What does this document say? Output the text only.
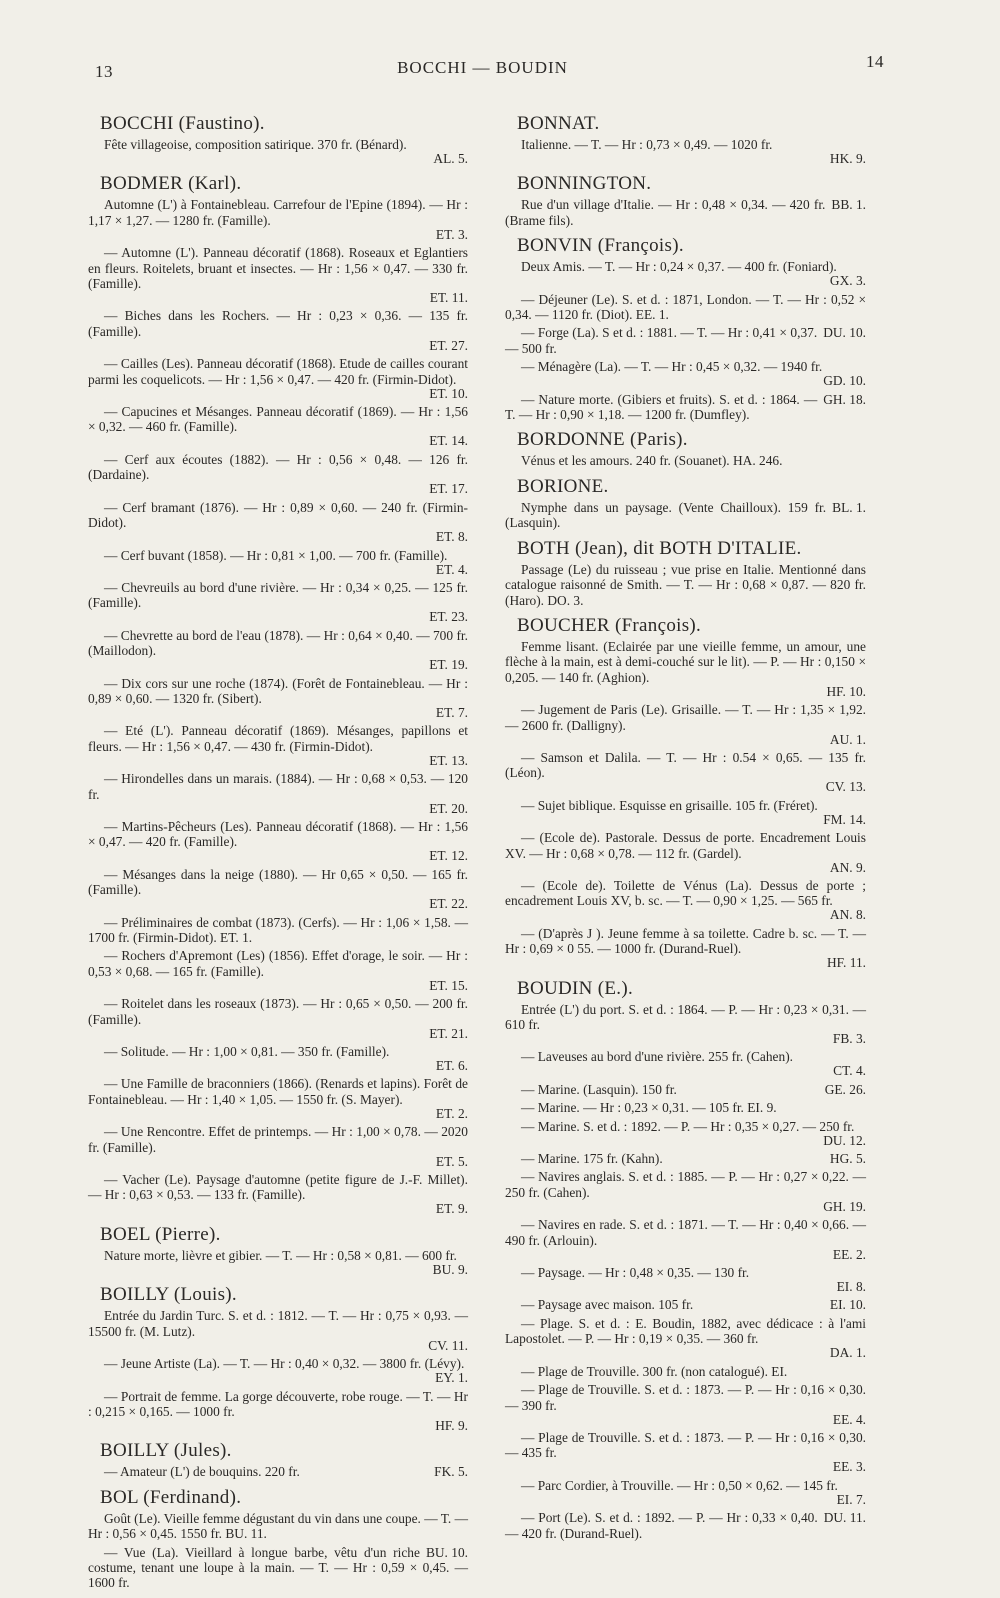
13	BOCCHI — BOUDIN	14
BOCCHI (Faustino).
AL. 5.
Fête villageoise, composition satirique. 370 fr. (Bénard).
BODMER (Karl).
ET. 3.
Automne (L') à Fontainebleau. Carrefour de l'Epine (1894). — Hr : 1,17 × 1,27. — 1280 fr. (Famille).
ET. 11.
— Automne (L'). Panneau décoratif (1868). Roseaux et Eglantiers en fleurs. Roitelets, bruant et insectes. — Hr : 1,56 × 0,47. — 330 fr. (Famille).
ET. 27.
— Biches dans les Rochers. — Hr : 0,23 × 0,36. — 135 fr. (Famille).
ET. 10.
— Cailles (Les). Panneau décoratif (1868). Etude de cailles courant parmi les coquelicots. — Hr : 1,56 × 0,47. — 420 fr. (Firmin-Didot).
ET. 14.
— Capucines et Mésanges. Panneau décoratif (1869). — Hr : 1,56 × 0,32. — 460 fr. (Famille).
ET. 17.
— Cerf aux écoutes (1882). — Hr : 0,56 × 0,48. — 126 fr. (Dardaine).
ET. 8.
— Cerf bramant (1876). — Hr : 0,89 × 0,60. — 240 fr. (Firmin-Didot).
ET. 4.
— Cerf buvant (1858). — Hr : 0,81 × 1,00. — 700 fr. (Famille).
ET. 23.
— Chevreuils au bord d'une rivière. — Hr : 0,34 × 0,25. — 125 fr. (Famille).
ET. 19.
— Chevrette au bord de l'eau (1878). — Hr : 0,64 × 0,40. — 700 fr. (Maillodon).
ET. 7.
— Dix cors sur une roche (1874). (Forêt de Fontainebleau. — Hr : 0,89 × 0,60. — 1320 fr. (Sibert).
ET. 13.
— Eté (L'). Panneau décoratif (1869). Mésanges, papillons et fleurs. — Hr : 1,56 × 0,47. — 430 fr. (Firmin-Didot).
ET. 20.
— Hirondelles dans un marais. (1884). — Hr : 0,68 × 0,53. — 120 fr.
ET. 12.
— Martins-Pêcheurs (Les). Panneau décoratif (1868). — Hr : 1,56 × 0,47. — 420 fr. (Famille).
ET. 22.
— Mésanges dans la neige (1880). — Hr 0,65 × 0,50. — 165 fr. (Famille).
— Préliminaires de combat (1873). (Cerfs). — Hr : 1,06 × 1,58. — 1700 fr. (Firmin-Didot). ET. 1.
ET. 15.
— Rochers d'Apremont (Les) (1856). Effet d'orage, le soir. — Hr : 0,53 × 0,68. — 165 fr. (Famille).
ET. 21.
— Roitelet dans les roseaux (1873). — Hr : 0,65 × 0,50. — 200 fr. (Famille).
ET. 6.
— Solitude. — Hr : 1,00 × 0,81. — 350 fr. (Famille).
ET. 2.
— Une Famille de braconniers (1866). (Renards et lapins). Forêt de Fontainebleau. — Hr : 1,40 × 1,05. — 1550 fr. (S. Mayer).
ET. 5.
— Une Rencontre. Effet de printemps. — Hr : 1,00 × 0,78. — 2020 fr. (Famille).
ET. 9.
— Vacher (Le). Paysage d'automne (petite figure de J.-F. Millet). — Hr : 0,63 × 0,53. — 133 fr. (Famille).
BOEL (Pierre).
BU. 9.
Nature morte, lièvre et gibier. — T. — Hr : 0,58 × 0,81. — 600 fr.
BOILLY (Louis).
CV. 11.
Entrée du Jardin Turc. S. et d. : 1812. — T. — Hr : 0,75 × 0,93. — 15500 fr. (M. Lutz).
EY. 1.
— Jeune Artiste (La). — T. — Hr : 0,40 × 0,32. — 3800 fr. (Lévy).
HF. 9.
— Portrait de femme. La gorge découverte, robe rouge. — T. — Hr : 0,215 × 0,165. — 1000 fr.
BOILLY (Jules).
FK. 5.
— Amateur (L') de bouquins. 220 fr.
BOL (Ferdinand).
Goût (Le). Vieille femme dégustant du vin dans une coupe. — T. — Hr : 0,56 × 0,45. 1550 fr. BU. 11.
BU. 10.
— Vue (La). Vieillard à longue barbe, vêtu d'un riche costume, tenant une loupe à la main. — T. — Hr : 0,59 × 0,45. — 1600 fr.
BONNAT.
HK. 9.
Italienne. — T. — Hr : 0,73 × 0,49. — 1020 fr.
BONNINGTON.
BB. 1.
Rue d'un village d'Italie. — Hr : 0,48 × 0,34. — 420 fr. (Brame fils).
BONVIN (François).
GX. 3.
Deux Amis. — T. — Hr : 0,24 × 0,37. — 400 fr. (Foniard).
— Déjeuner (Le). S. et d. : 1871, London. — T. — Hr : 0,52 × 0,34. — 1120 fr. (Diot). EE. 1.
DU. 10.
— Forge (La). S et d. : 1881. — T. — Hr : 0,41 × 0,37. — 500 fr.
GD. 10.
— Ménagère (La). — T. — Hr : 0,45 × 0,32. — 1940 fr.
GH. 18.
— Nature morte. (Gibiers et fruits). S. et d. : 1864. — T. — Hr : 0,90 × 1,18. — 1200 fr. (Dumfley).
BORDONNE (Paris).
Vénus et les amours. 240 fr. (Souanet). HA. 246.
BORIONE.
BL. 1.
Nymphe dans un paysage. (Vente Chailloux). 159 fr. (Lasquin).
BOTH (Jean), dit BOTH D'ITALIE.
Passage (Le) du ruisseau ; vue prise en Italie. Mentionné dans catalogue raisonné de Smith. — T. — Hr : 0,68 × 0,87. — 820 fr. (Haro). DO. 3.
BOUCHER (François).
HF. 10.
Femme lisant. (Eclairée par une vieille femme, un amour, une flèche à la main, est à demi-couché sur le lit). — P. — Hr : 0,150 × 0,205. — 140 fr. (Aghion).
AU. 1.
— Jugement de Paris (Le). Grisaille. — T. — Hr : 1,35 × 1,92. — 2600 fr. (Dalligny).
CV. 13.
— Samson et Dalila. — T. — Hr : 0.54 × 0,65. — 135 fr. (Léon).
FM. 14.
— Sujet biblique. Esquisse en grisaille. 105 fr. (Fréret).
AN. 9.
— (Ecole de). Pastorale. Dessus de porte. Encadrement Louis XV. — Hr : 0,68 × 0,78. — 112 fr. (Gardel).
AN. 8.
— (Ecole de). Toilette de Vénus (La). Dessus de porte ; encadrement Louis XV, b. sc. — T. — 0,90 × 1,25. — 565 fr.
HF. 11.
— (D'après J ). Jeune femme à sa toilette. Cadre b. sc. — T. — Hr : 0,69 × 0 55. — 1000 fr. (Durand-Ruel).
BOUDIN (E.).
FB. 3.
Entrée (L') du port. S. et d. : 1864. — P. — Hr : 0,23 × 0,31. — 610 fr.
CT. 4.
— Laveuses au bord d'une rivière. 255 fr. (Cahen).
GE. 26.
— Marine. (Lasquin). 150 fr.
— Marine. — Hr : 0,23 × 0,31. — 105 fr. EI. 9.
DU. 12.
— Marine. S. et d. : 1892. — P. — Hr : 0,35 × 0,27. — 250 fr.
HG. 5.
— Marine. 175 fr. (Kahn).
GH. 19.
— Navires anglais. S. et d. : 1885. — P. — Hr : 0,27 × 0,22. — 250 fr. (Cahen).
EE. 2.
— Navires en rade. S. et d. : 1871. — T. — Hr : 0,40 × 0,66. — 490 fr. (Arlouin).
EI. 8.
— Paysage. — Hr : 0,48 × 0,35. — 130 fr.
EI. 10.
— Paysage avec maison. 105 fr.
DA. 1.
— Plage. S. et d. : E. Boudin, 1882, avec dédicace : à l'ami Lapostolet. — P. — Hr : 0,19 × 0,35. — 360 fr.
— Plage de Trouville. 300 fr. (non catalogué). EI.
EE. 4.
— Plage de Trouville. S. et d. : 1873. — P. — Hr : 0,16 × 0,30. — 390 fr.
EE. 3.
— Plage de Trouville. S. et d. : 1873. — P. — Hr : 0,16 × 0,30. — 435 fr.
EI. 7.
— Parc Cordier, à Trouville. — Hr : 0,50 × 0,62. — 145 fr.
DU. 11.
— Port (Le). S. et d. : 1892. — P. — Hr : 0,33 × 0,40. — 420 fr. (Durand-Ruel).
